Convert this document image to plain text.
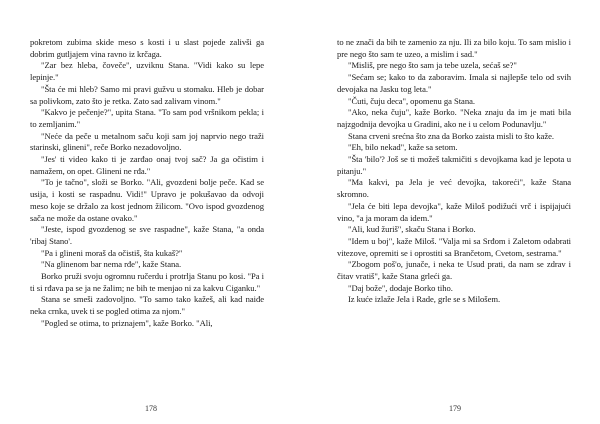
pokretom zubima skide meso s kosti i u slast pojede zalivši ga dobrim gutljajem vina ravno iz krčaga.

"Zar bez hleba, čoveče", uzviknu Stana. "Vidi kako su lepe lepinje."

"Šta će mi hleb? Samo mi pravi gužvu u stomaku. Hleb je dobar sa polivkom, zato što je retka. Zato sad zalivam vinom."

"Kakvo je pečenje?", upita Stana. "To sam pod vršnikom pekla; i to zemljanim."

"Neće da peče u metalnom saču koji sam joj naprvio nego traži starinski, glineni", reče Borko nezadovoljno.

"Jes' ti video kako ti je zarđao onaj tvoj sač? Ja ga očistim i namažem, on opet. Glineni ne rđa."

"To je tačno", složi se Borko. "Ali, gvozdeni bolje peče. Kad se usija, i kosti se raspadnu. Vidi!" Upravo je pokušavao da odvoji meso koje se držalo za kost jednom žilicom. "Ovo ispod gvozdenog sača ne može da ostane ovako."

"Jeste, ispod gvozdenog se sve raspadne", kaže Stana, "a onda 'ribaj Stano'.

"Pa i glineni moraš da očistiš, šta kukaš?"

"Na glinenom bar nema rđe", kaže Stana.

Borko pruži svoju ogromnu ručerdu i protrlja Stanu po kosi. "Pa i ti si rđava pa se ja ne žalim; ne bih te menjao ni za kakvu Ciganku."

Stana se smeši zadovoljno. "To samo tako kažeš, ali kad naiđe neka crnka, uvek ti se pogled otima za njom."

"Pogled se otima, to priznajem", kaže Borko. "Ali,

178

to ne znači da bih te zamenio za nju. Ili za bilo koju. To sam mislio i pre nego što sam te uzeo, a mislim i sad."

"Misliš, pre nego što sam ja tebe uzela, sećaš se?"

"Sećam se; kako to da zaboravim. Imala si najlepše telo od svih devojaka na Jasku tog leta."

"Čuti, čuju deca", opomenu ga Stana.

"Ako, neka čuju", kaže Borko. "Neka znaju da im je mati bila najzgodnija devojka u Gradini, ako ne i u celom Podunavlju."

Stana crveni srećna što zna da Borko zaista misli to što kaže.

"Eh, bilo nekad", kaže sa setom.

"Šta 'bilo'? Još se ti možeš takmičiti s devojkama kad je lepota u pitanju."

"Ma kakvi, pa Jela je već devojka, takoreći", kaže Stana skromno.

"Jela će biti lepa devojka", kaže Miloš podižući vrč i ispijajući vino, "a ja moram da idem."

"Ali, kud žuriš", skaču Stana i Borko.

"Idem u boj", kaže Miloš. "Valja mi sa Srđom i Zaletom odabrati vitezove, opremiti se i oprostiti sa Brančetom, Cvetom, sestrama."

"Zbogom poš'o, junаče, i neka te Usud prati, da nam se zdrav i čitav vratiš", kaže Stana grleći ga.

"Daj bože", dodaje Borko tiho.

Iz kuće izlaže Jela i Rade, grle se s Milošem.

179
